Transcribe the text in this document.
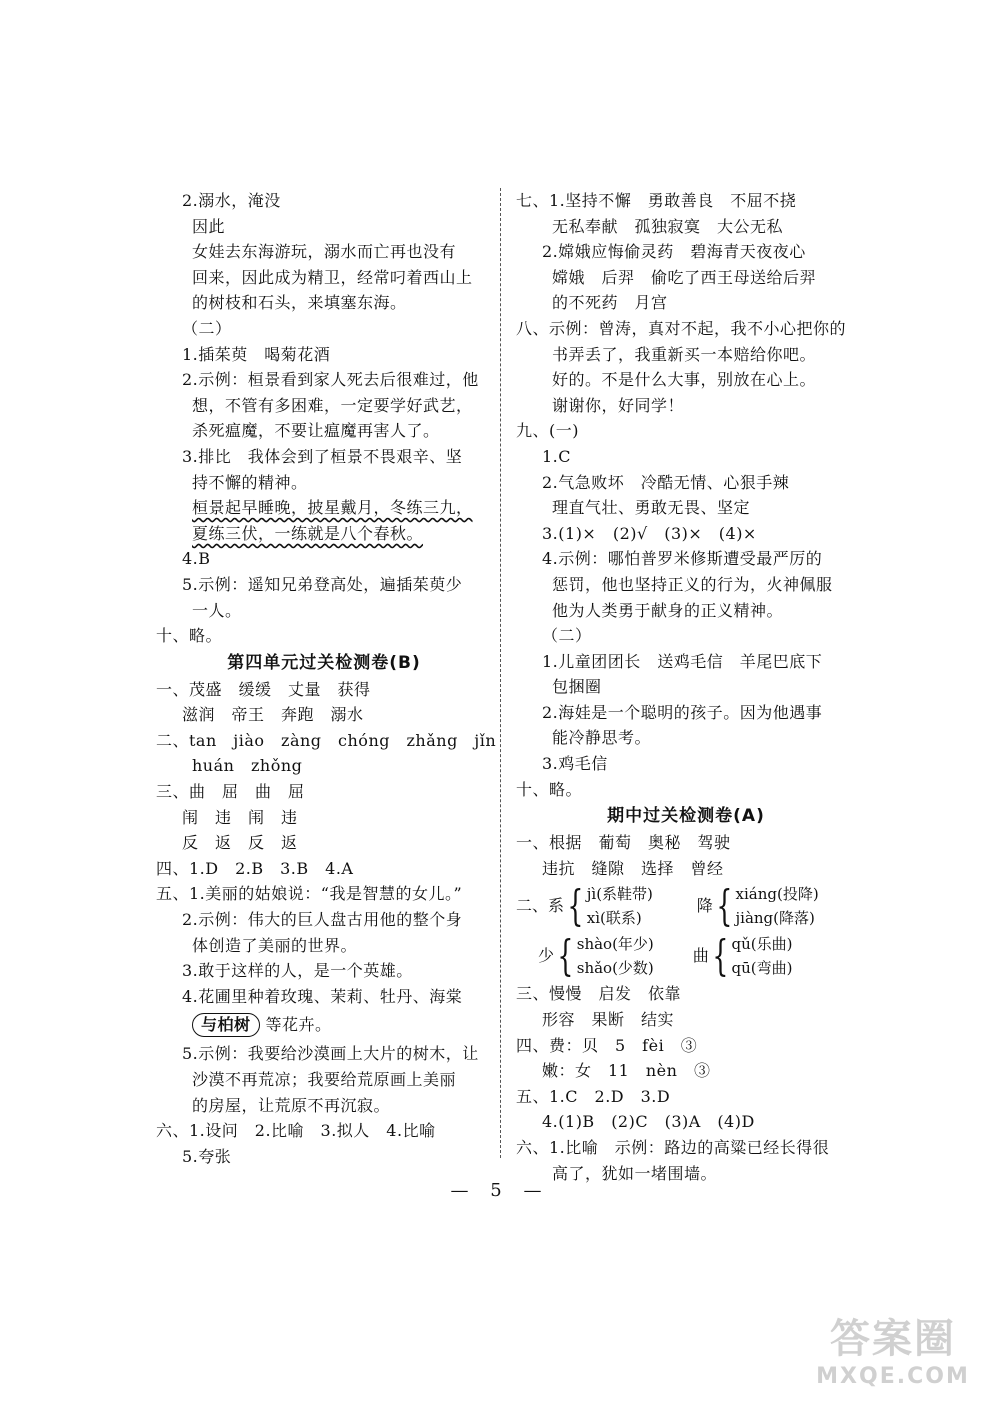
2.溺水，淹没
因此
女娃去东海游玩，溺水而亡再也没有
回来，因此成为精卫，经常叼着西山上
的树枝和石头，来填塞东海。
（二）
1.插茱萸　喝菊花酒
2.示例：桓景看到家人死去后很难过，他
想，不管有多困难，一定要学好武艺，
杀死瘟魔，不要让瘟魔再害人了。
3.排比　我体会到了桓景不畏艰辛、坚
持不懈的精神。
桓景起早睡晚，披星戴月，冬练三九，
夏练三伏，一练就是八个春秋。
4.B
5.示例：遥知兄弟登高处，遍插茱萸少
一人。
十、略。
第四单元过关检测卷(B)
一、茂盛　缓缓　丈量　获得
滋润　帝王　奔跑　溺水
二、tan　jiào　zàng　chóng　zhǎng　jǐn
huán　zhǒng
三、曲　屈　曲　屈
闱　违　闱　违
反　返　反　返
四、1.D　2.B　3.B　4.A
五、1.美丽的姑娘说：“我是智慧的女儿。”
2.示例：伟大的巨人盘古用他的整个身
体创造了美丽的世界。
3.敢于这样的人，是一个英雄。
4.花圃里种着玫瑰、茉莉、牡丹、海棠
与柏树 等花卉。
5.示例：我要给沙漠画上大片的树木，让
沙漠不再荒凉；我要给荒原画上美丽
的房屋，让荒原不再沉寂。
六、1.设问　2.比喻　3.拟人　4.比喻
5.夸张
七、1.坚持不懈　勇敢善良　不屈不挠
无私奉献　孤独寂寞　大公无私
2.嫦娥应悔偷灵药　碧海青天夜夜心
嫦娥　后羿　偷吃了西王母送给后羿
的不死药　月宫
八、示例：曾涛，真对不起，我不小心把你的
书弄丢了，我重新买一本赔给你吧。
好的。不是什么大事，别放在心上。
谢谢你，好同学！
九、(一)
1.C
2.气急败坏　冷酷无情、心狠手辣
理直气壮、勇敢无畏、坚定
3.(1)×　(2)√　(3)×　(4)×
4.示例：哪怕普罗米修斯遭受最严厉的
惩罚，他也坚持正义的行为，火神佩服
他为人类勇于献身的正义精神。
（二）
1.儿童团团长　送鸡毛信　羊尾巴底下
包捆圈
2.海娃是一个聪明的孩子。因为他遇事
能冷静思考。
3.鸡毛信
十、略。
期中过关检测卷(A)
一、根据　葡萄　奥秘　驾驶
违抗　缝隙　选择　曾经
二、系 { jì(系鞋带)
xì(联系)
降 { xiáng(投降)
jiàng(降落)
少 { shào(年少)
shǎo(少数)
曲 { qǔ(乐曲)
qū(弯曲)
三、慢慢　启发　依靠
形容　果断　结实
四、费：贝　5　fèi　③
嫩：女　11　nèn　③
五、1.C　2.D　3.D
4.(1)B　(2)C　(3)A　(4)D
六、1.比喻　示例：路边的高粱已经长得很
高了，犹如一堵围墙。
— 5 —
答案圈
MXQE.COM
